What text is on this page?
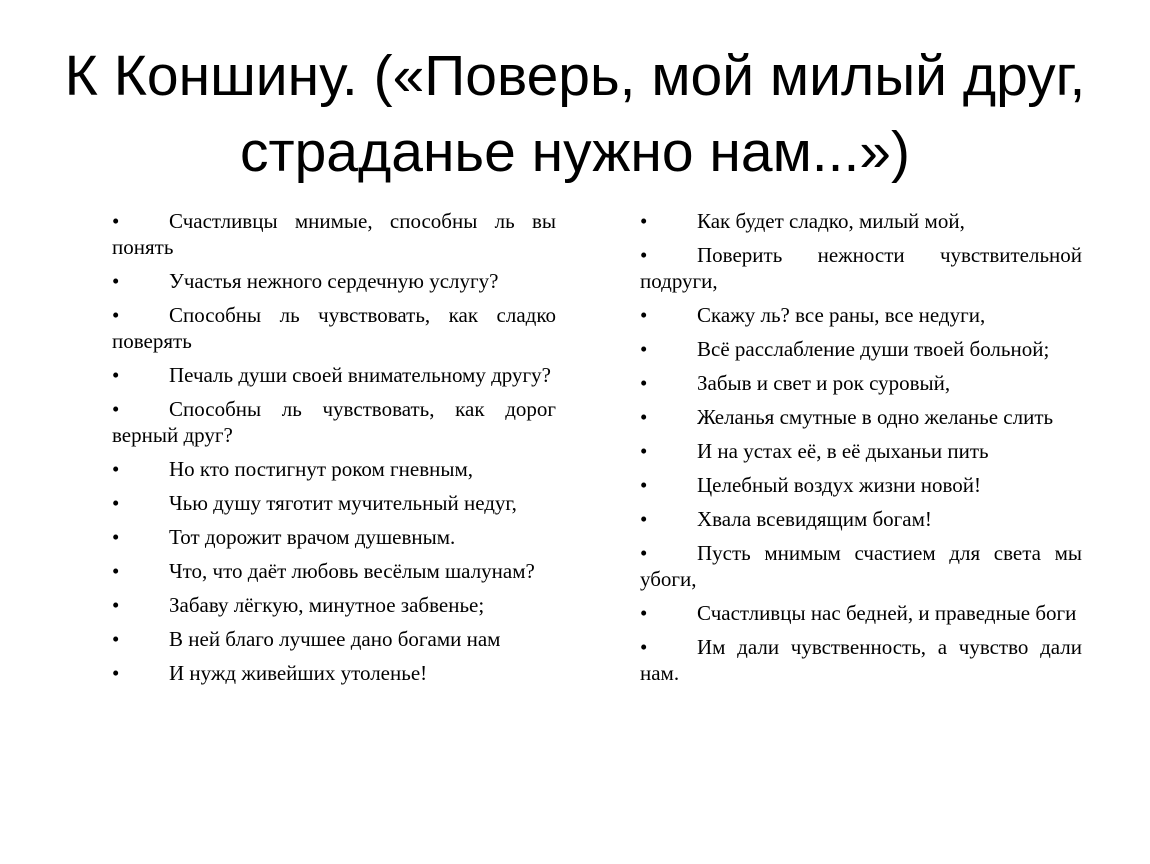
К Коншину. («Поверь, мой милый друг, страданье нужно нам...»)
• Счастливцы мнимые, способны ль вы понять
• Участья нежного сердечную услугу?
• Способны ль чувствовать, как сладко поверять
• Печаль души своей внимательному другу?
• Способны ль чувствовать, как дорог верный друг?
• Но кто постигнут роком гневным,
• Чью душу тяготит мучительный недуг,
• Тот дорожит врачом душевным.
• Что, что даёт любовь весёлым шалунам?
• Забаву лёгкую, минутное забвенье;
• В ней благо лучшее дано богами нам
• И нужд живейших утоленье!
• Как будет сладко, милый мой,
• Поверить нежности чувствительной подруги,
• Скажу ль? все раны, все недуги,
• Всё расслабление души твоей больной;
• Забыв и свет и рок суровый,
• Желанья смутные в одно желанье слить
• И на устах её, в её дыханьи пить
• Целебный воздух жизни новой!
• Хвала всевидящим богам!
• Пусть мнимым счастием для света мы убоги,
• Счастливцы нас бедней, и праведные боги
• Им дали чувственность, а чувство дали нам.
